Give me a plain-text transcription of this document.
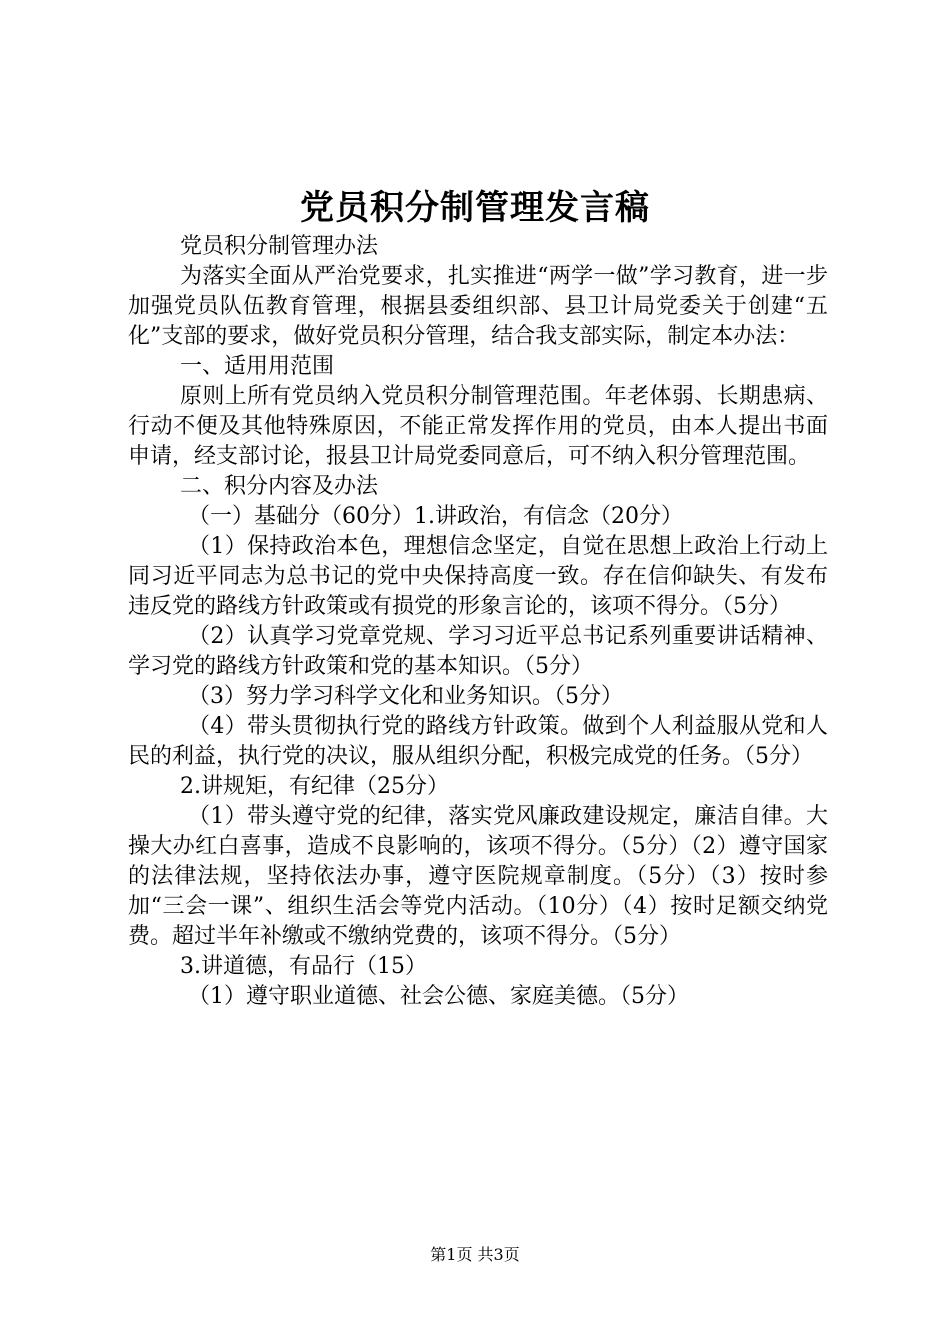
党员积分制管理发言稿

党员积分制管理办法

为落实全面从严治党要求，扎实推进“两学一做”学习教育，进一步加强党员队伍教育管理，根据县委组织部、县卫计局党委关于创建“五化”支部的要求，做好党员积分管理，结合我支部实际，制定本办法：

一、适用用范围

原则上所有党员纳入党员积分制管理范围。年老体弱、长期患病、行动不便及其他特殊原因，不能正常发挥作用的党员，由本人提出书面申请，经支部讨论，报县卫计局党委同意后，可不纳入积分管理范围。

二、积分内容及办法

（一）基础分（60分）1.讲政治，有信念（20分）

（1）保持政治本色，理想信念坚定，自觉在思想上政治上行动上同习近平同志为总书记的党中央保持高度一致。存在信仰缺失、有发布违反党的路线方针政策或有损党的形象言论的，该项不得分。（5分）

（2）认真学习党章党规、学习习近平总书记系列重要讲话精神、学习党的路线方针政策和党的基本知识。（5分）

（3）努力学习科学文化和业务知识。（5分）

（4）带头贯彻执行党的路线方针政策。做到个人利益服从党和人民的利益，执行党的决议，服从组织分配，积极完成党的任务。（5分）

2.讲规矩，有纪律（25分）

（1）带头遵守党的纪律，落实党风廉政建设规定，廉洁自律。大操大办红白喜事，造成不良影响的，该项不得分。（5分）（2）遵守国家的法律法规，坚持依法办事，遵守医院规章制度。（5分）（3）按时参加“三会一课”、组织生活会等党内活动。（10分）（4）按时足额交纳党费。超过半年补缴或不缴纳党费的，该项不得分。（5分）

3.讲道德，有品行（15）

（1）遵守职业道德、社会公德、家庭美德。（5分）

第1页 共3页
